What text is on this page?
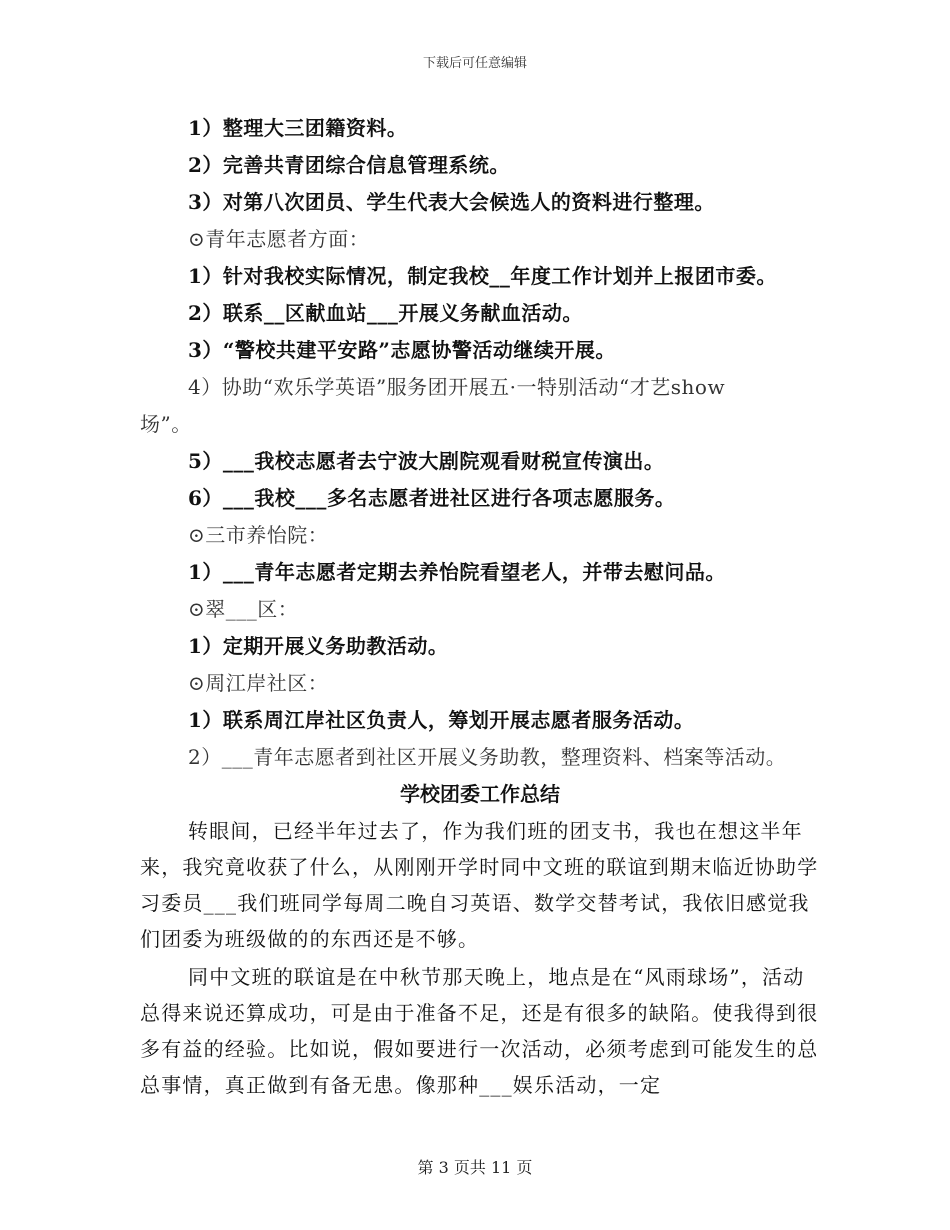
下载后可任意编辑
1）整理大三团籍资料。
2）完善共青团综合信息管理系统。
3）对第八次团员、学生代表大会候选人的资料进行整理。
⊙青年志愿者方面：
1）针对我校实际情况，制定我校__年度工作计划并上报团市委。
2）联系__区献血站___开展义务献血活动。
3）“警校共建平安路”志愿协警活动继续开展。
4）协助“欢乐学英语”服务团开展五·一特别活动“才艺show
场”。
5）___我校志愿者去宁波大剧院观看财税宣传演出。
6）___我校___多名志愿者进社区进行各项志愿服务。
⊙三市养怡院：
1）___青年志愿者定期去养怡院看望老人，并带去慰问品。
⊙翠___区：
1）定期开展义务助教活动。
⊙周江岸社区：
1）联系周江岸社区负责人，筹划开展志愿者服务活动。
2）___青年志愿者到社区开展义务助教，整理资料、档案等活动。
学校团委工作总结

转眼间，已经半年过去了，作为我们班的团支书，我也在想这半年来，我究竟收获了什么，从刚刚开学时同中文班的联谊到期末临近协助学习委员___我们班同学每周二晚自习英语、数学交替考试，我依旧感觉我们团委为班级做的的东西还是不够。

同中文班的联谊是在中秋节那天晚上，地点是在“风雨球场”，活动总得来说还算成功，可是由于准备不足，还是有很多的缺陷。使我得到很多有益的经验。比如说，假如要进行一次活动，必须考虑到可能发生的总总事情，真正做到有备无患。像那种___娱乐活动，一定

第 3 页共 11 页
